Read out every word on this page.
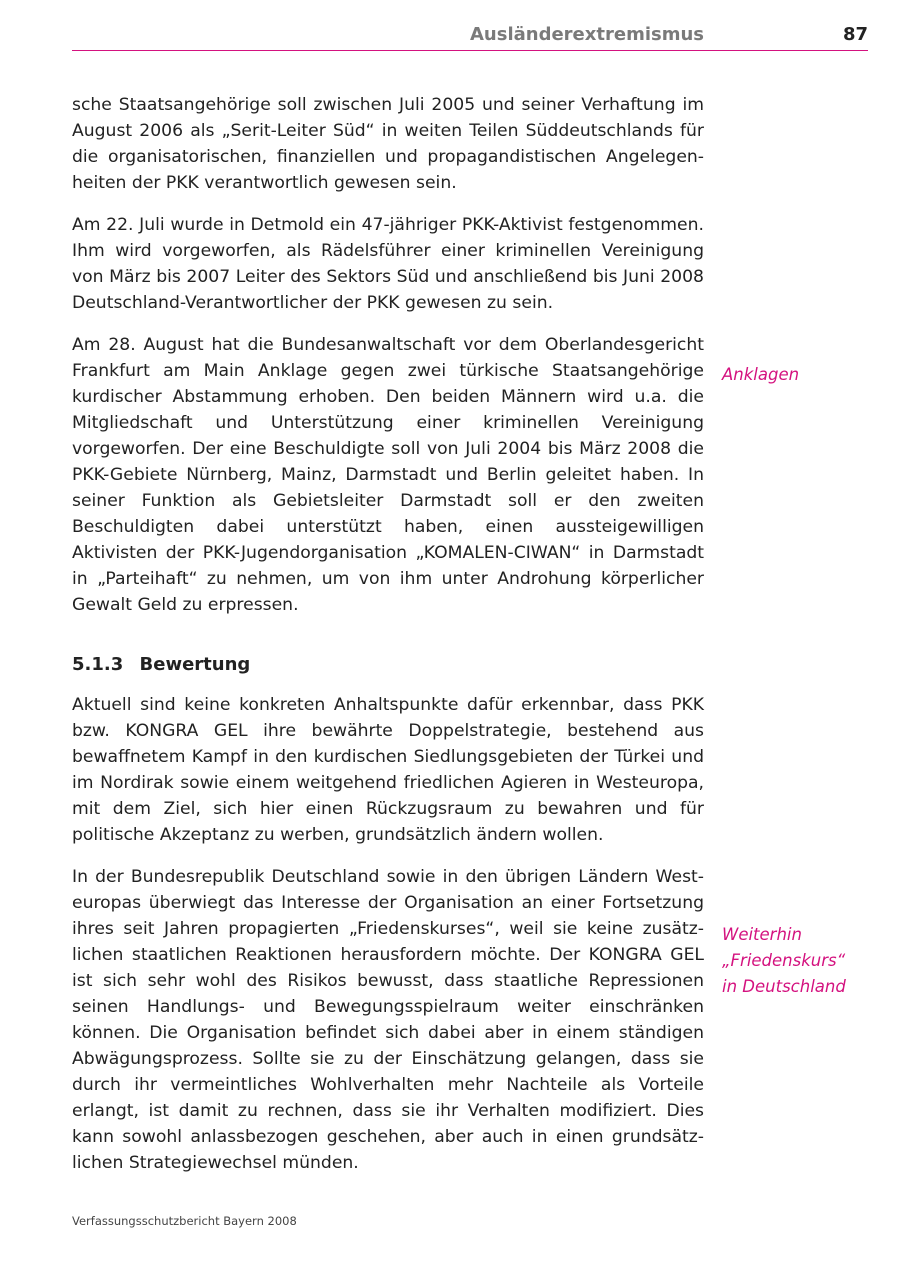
Ausländerextremismus	87

sche Staatsangehörige soll zwischen Juli 2005 und seiner Verhaftung im August 2006 als „Serit-Leiter Süd“ in weiten Teilen Süddeutschlands für die organisatorischen, finanziellen und propagandistischen Angelegenheiten der PKK verantwortlich gewesen sein.

Am 22. Juli wurde in Detmold ein 47-jähriger PKK-Aktivist festgenommen. Ihm wird vorgeworfen, als Rädelsführer einer kriminellen Vereinigung von März bis 2007 Leiter des Sektors Süd und anschließend bis Juni 2008 Deutschland-Verantwortlicher der PKK gewesen zu sein.

Am 28. August hat die Bundesanwaltschaft vor dem Oberlandesgericht Frankfurt am Main Anklage gegen zwei türkische Staatsangehörige kurdischer Abstammung erhoben. Den beiden Männern wird u.a. die Mitgliedschaft und Unterstützung einer kriminellen Vereinigung vorgeworfen. Der eine Beschuldigte soll von Juli 2004 bis März 2008 die PKK-Gebiete Nürnberg, Mainz, Darmstadt und Berlin geleitet haben. In seiner Funktion als Gebietsleiter Darmstadt soll er den zweiten Beschuldigten dabei unterstützt haben, einen aussteigewilligen Aktivisten der PKK-Jugendorganisation „KOMALEN-CIWAN“ in Darmstadt in „Parteihaft“ zu nehmen, um von ihm unter Androhung körperlicher Gewalt Geld zu erpressen.

5.1.3 Bewertung

Aktuell sind keine konkreten Anhaltspunkte dafür erkennbar, dass PKK bzw. KONGRA GEL ihre bewährte Doppelstrategie, bestehend aus bewaffnetem Kampf in den kurdischen Siedlungsgebieten der Türkei und im Nordirak sowie einem weitgehend friedlichen Agieren in Westeuropa, mit dem Ziel, sich hier einen Rückzugsraum zu bewahren und für politische Akzeptanz zu werben, grundsätzlich ändern wollen.

In der Bundesrepublik Deutschland sowie in den übrigen Ländern Westeuropas überwiegt das Interesse der Organisation an einer Fortsetzung ihres seit Jahren propagierten „Friedenskurses“, weil sie keine zusätzlichen staatlichen Reaktionen herausfordern möchte. Der KONGRA GEL ist sich sehr wohl des Risikos bewusst, dass staatliche Repressionen seinen Handlungs- und Bewegungsspielraum weiter einschränken können. Die Organisation befindet sich dabei aber in einem ständigen Abwägungsprozess. Sollte sie zu der Einschätzung gelangen, dass sie durch ihr vermeintliches Wohlverhalten mehr Nachteile als Vorteile erlangt, ist damit zu rechnen, dass sie ihr Verhalten modifiziert. Dies kann sowohl anlassbezogen geschehen, aber auch in einen grundsätzlichen Strategiewechsel münden.

Anklagen
Weiterhin
„Friedenskurs“
in Deutschland
Verfassungsschutzbericht Bayern 2008
